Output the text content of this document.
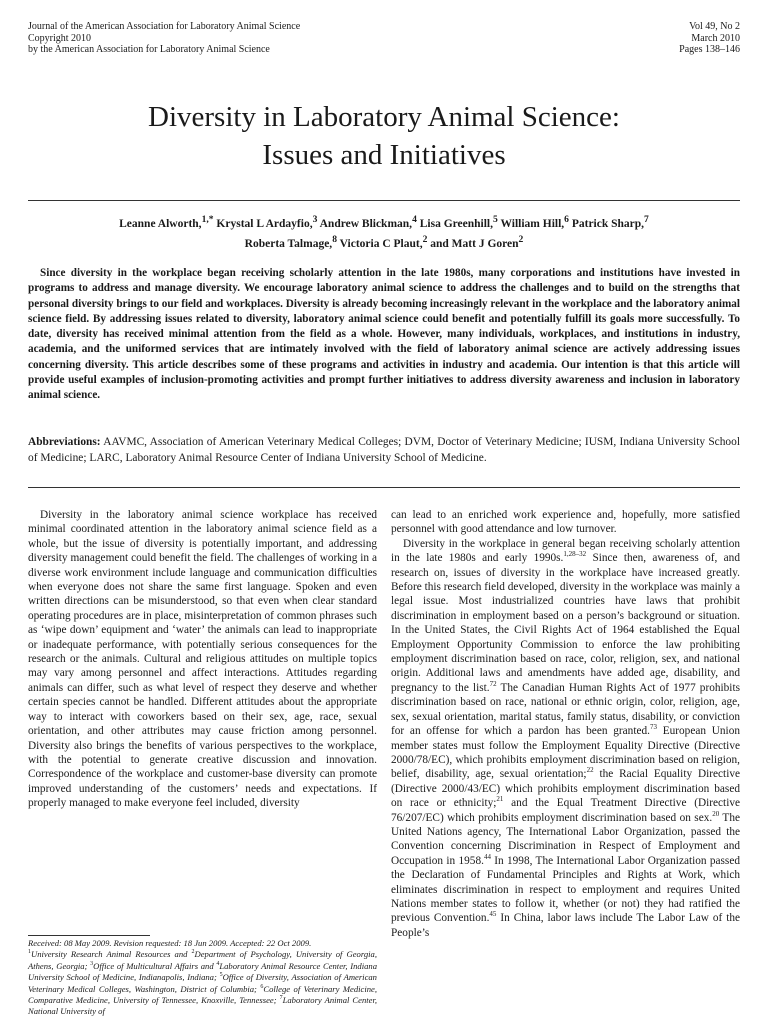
Journal of the American Association for Laboratory Animal Science
Copyright 2010
by the American Association for Laboratory Animal Science
Vol 49, No 2
March 2010
Pages 138–146
Diversity in Laboratory Animal Science:
Issues and Initiatives
Leanne Alworth,$^{1,*}$ Krystal L Ardayfio,$^3$ Andrew Blickman,$^4$ Lisa Greenhill,$^5$ William Hill,$^6$ Patrick Sharp,$^7$
Roberta Talmage,$^8$ Victoria C Plaut,$^2$ and Matt J Goren$^2$

Since diversity in the workplace began receiving scholarly attention in the late 1980s, many corporations and institutions have invested in programs to address and manage diversity. We encourage laboratory animal science to address the challenges and to build on the strengths that personal diversity brings to our field and workplaces. Diversity is already becoming increasingly relevant in the workplace and the laboratory animal science field. By addressing issues related to diversity, laboratory animal science could benefit and potentially fulfill its goals more successfully. To date, diversity has received minimal attention from the field as a whole. However, many individuals, workplaces, and institutions in industry, academia, and the uniformed services that are intimately involved with the field of laboratory animal science are actively addressing issues concerning diversity. This article describes some of these programs and activities in industry and academia. Our intention is that this article will provide useful examples of inclusion-promoting activities and prompt further initiatives to address diversity awareness and inclusion in laboratory animal science.

Abbreviations: AAVMC, Association of American Veterinary Medical Colleges; DVM, Doctor of Veterinary Medicine; IUSM, Indiana University School of Medicine; LARC, Laboratory Animal Resource Center of Indiana University School of Medicine.

Diversity in the laboratory animal science workplace has received minimal coordinated attention in the laboratory animal science field as a whole, but the issue of diversity is potentially important, and addressing diversity management could benefit the field. The challenges of working in a diverse work environment include language and communication difficulties when everyone does not share the same first language. Spoken and even written directions can be misunderstood, so that even when clear standard operating procedures are in place, misinterpretation of common phrases such as ‘wipe down’ equipment and ‘water’ the animals can lead to inappropriate or inadequate performance, with potentially serious consequences for the research or the animals. Cultural and religious attitudes on multiple topics may vary among personnel and affect interactions. Attitudes regarding animals can differ, such as what level of respect they deserve and whether certain species cannot be handled. Different attitudes about the appropriate way to interact with coworkers based on their sex, age, race, sexual orientation, and other attributes may cause friction among personnel. Diversity also brings the benefits of various perspectives to the workplace, with the potential to generate creative discussion and innovation. Correspondence of the workplace and customer-base diversity can promote improved understanding of the customers’ needs and expectations. If properly managed to make everyone feel included, diversity

can lead to an enriched work experience and, hopefully, more satisfied personnel with good attendance and low turnover.

Diversity in the workplace in general began receiving scholarly attention in the late 1980s and early 1990s.$^{1,28-32}$ Since then, awareness of, and research on, issues of diversity in the workplace have increased greatly. Before this research field developed, diversity in the workplace was mainly a legal issue. Most industrialized countries have laws that prohibit discrimination in employment based on a person’s background or situation. In the United States, the Civil Rights Act of 1964 established the Equal Employment Opportunity Commission to enforce the law prohibiting employment discrimination based on race, color, religion, sex, and national origin. Additional laws and amendments have added age, disability, and pregnancy to the list.$^{72}$ The Canadian Human Rights Act of 1977 prohibits discrimination based on race, national or ethnic origin, color, religion, age, sex, sexual orientation, marital status, family status, disability, or conviction for an offense for which a pardon has been granted.$^{73}$ European Union member states must follow the Employment Equality Directive (Directive 2000/78/EC), which prohibits employment discrimination based on religion, belief, disability, age, sexual orientation;$^{22}$ the Racial Equality Directive (Directive 2000/43/EC) which prohibits employment discrimination based on race or ethnicity;$^{21}$ and the Equal Treatment Directive (Directive 76/207/EC) which prohibits employment discrimination based on sex.$^{20}$ The United Nations agency, The International Labor Organization, passed the Convention concerning Discrimination in Respect of Employment and Occupation in 1958.44 In 1998, The International Labor Organization passed the Declaration of Fundamental Principles and Rights at Work, which eliminates discrimination in respect to employment and requires United Nations member states to follow it, whether (or not) they had ratified the previous Convention.$^{45}$ In China, labor laws include The Labor Law of the People’s

Received: 08 May 2009. Revision requested: 18 Jun 2009. Accepted: 22 Oct 2009.
$^1$University Research Animal Resources and $^2$Department of Psychology, University of Georgia, Athens, Georgia; $^3$Office of Multicultural Affairs and $^4$Laboratory Animal Resource Center, Indiana University School of Medicine, Indianapolis, Indiana; $^5$Office of Diversity, Association of American Veterinary Medical Colleges, Washington, District of Columbia; $^6$College of Veterinary Medicine, Comparative Medicine, University of Tennessee, Knoxville, Tennessee; $^7$Laboratory Animal Center, National University of
